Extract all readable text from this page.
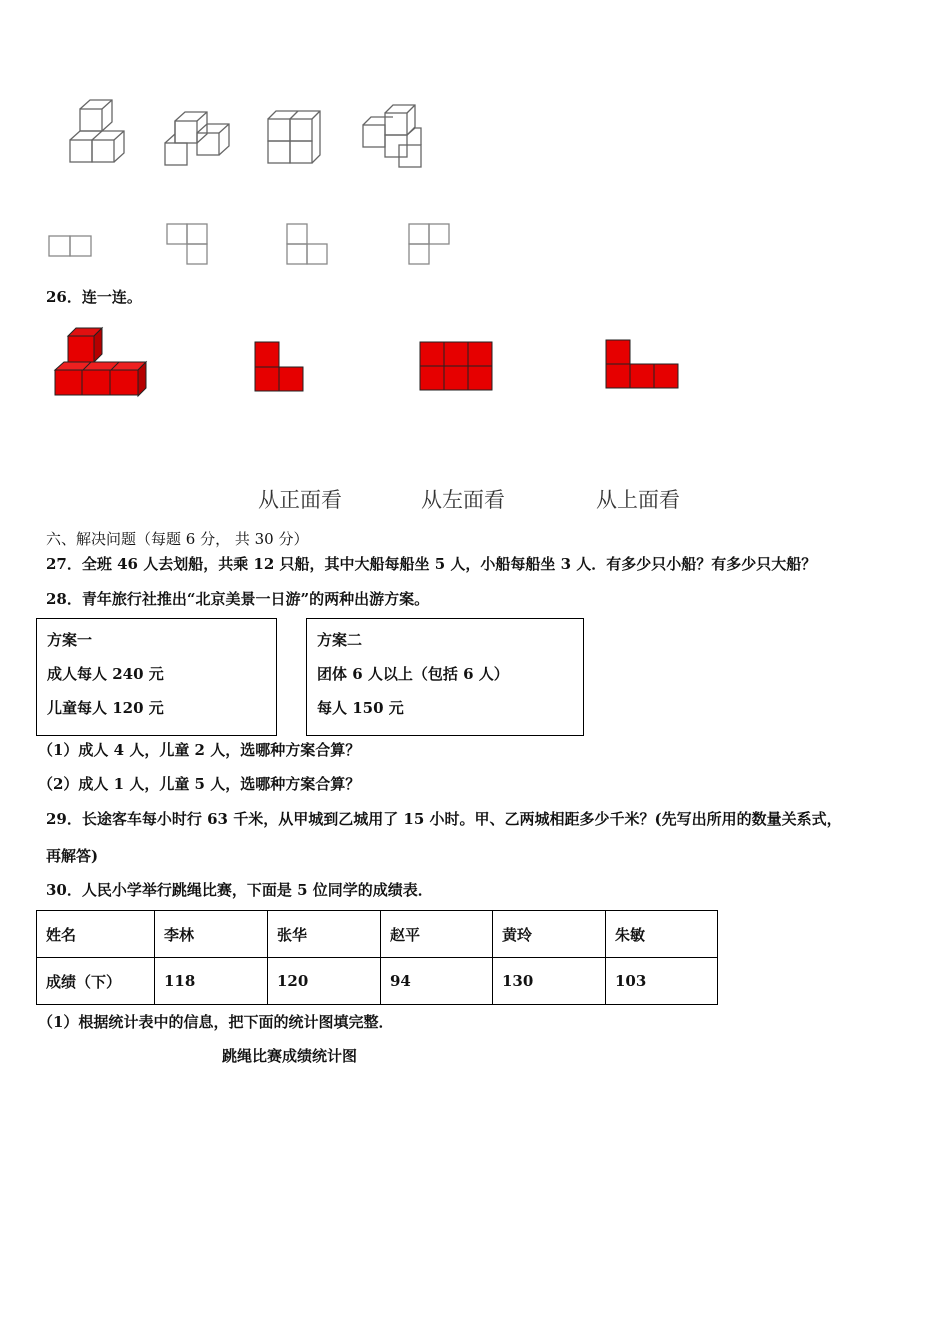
26．连一连。
从正面看	从左面看	从上面看
六、解决问题（每题 6 分， 共 30 分）
27．全班 46 人去划船，共乘 12 只船，其中大船每船坐 5 人，小船每船坐 3 人．有多少只小船？有多少只大船？
28．青年旅行社推出“北京美景一日游”的两种出游方案。
方案一
成人每人 240 元
儿童每人 120 元
方案二
团体 6 人以上（包括 6 人）
每人 150 元
（1）成人 4 人，儿童 2 人，选哪种方案合算？
（2）成人 1 人，儿童 5 人，选哪种方案合算？
29．长途客车每小时行 63 千米，从甲城到乙城用了 15 小时。甲、乙两城相距多少千米？(先写出所用的数量关系式，
再解答)
30．人民小学举行跳绳比赛，下面是 5 位同学的成绩表．
姓名	李林	张华	赵平	黄玲	朱敏
成绩（下）	118	120	94	130	103
（1）根据统计表中的信息，把下面的统计图填完整．
跳绳比赛成绩统计图
